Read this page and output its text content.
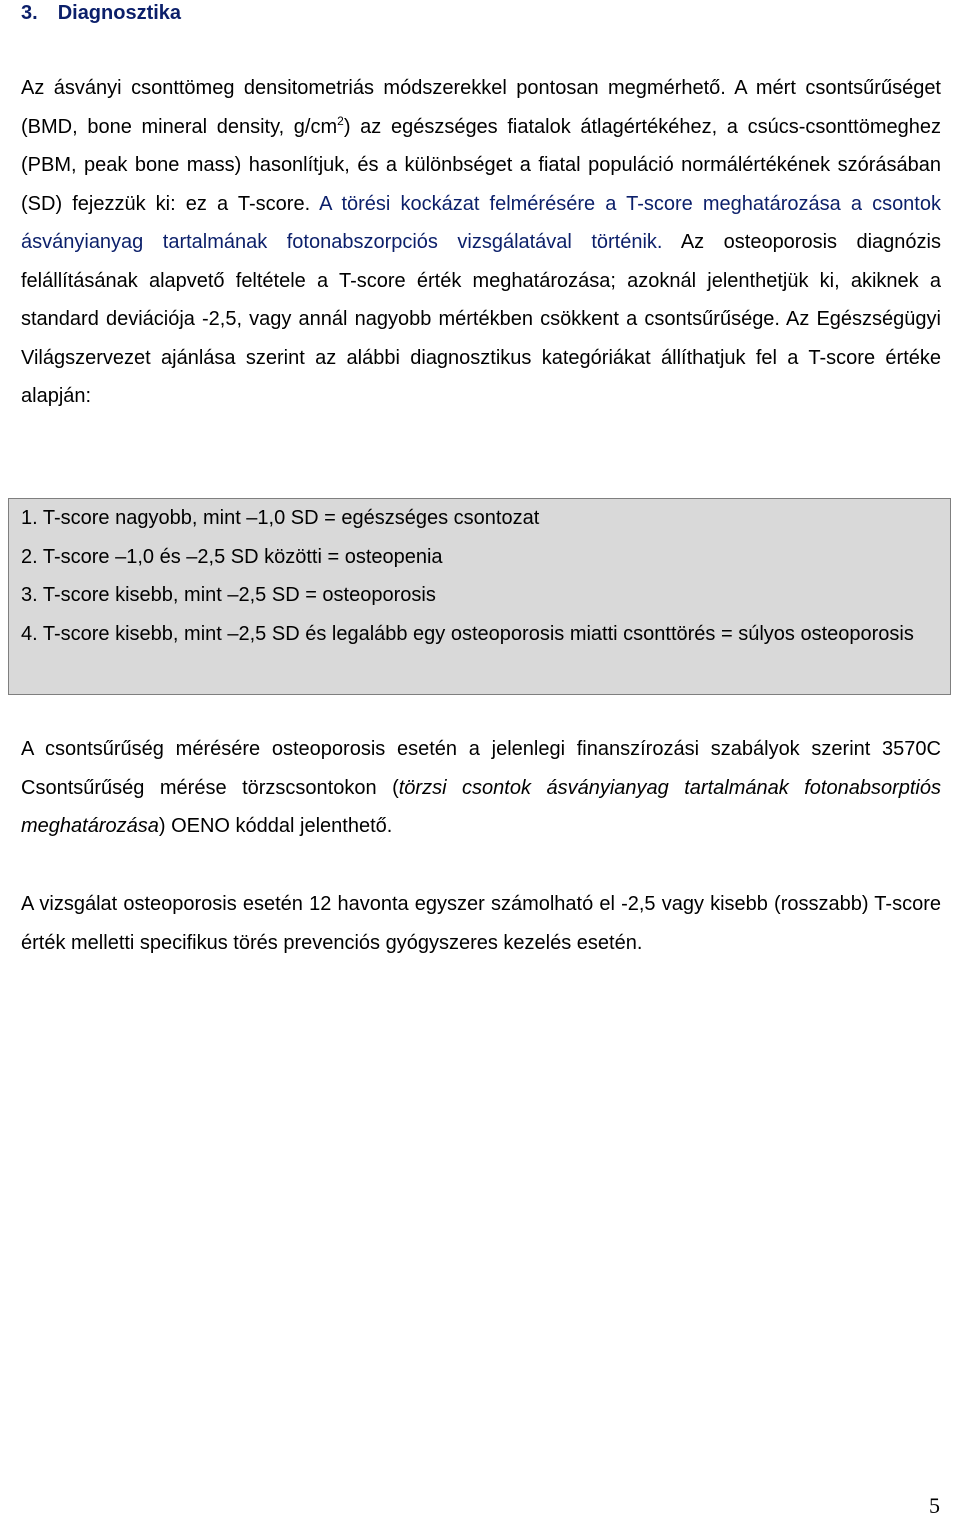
3. Diagnosztika
Az ásványi csonttömeg densitometriás módszerekkel pontosan megmérhető. A mért csontsűrűséget (BMD, bone mineral density, $g/cm^2$) az egészséges fiatalok átlagértékéhez, a csúcs-csonttömeghez (PBM, peak bone mass) hasonlítjuk, és a különbséget a fiatal populáció normálértékének szórásában (SD) fejezzük ki: ez a T-score. A törési kockázat felmérésére a T-score meghatározása a csontok ásványianyag tartalmának fotonabszorpciós vizsgálatával történik. Az osteoporosis diagnózis felállításának alapvető feltétele a T-score érték meghatározása; azoknál jelenthetjük ki, akiknek a standard deviációja -2,5, vagy annál nagyobb mértékben csökkent a csontsűrűsége. Az Egészségügyi Világszervezet ajánlása szerint az alábbi diagnosztikus kategóriákat állíthatjuk fel a T-score értéke alapján:
1. T-score nagyobb, mint –1,0 SD = egészséges csontozat
2. T-score –1,0 és –2,5 SD közötti = osteopenia
3. T-score kisebb, mint –2,5 SD = osteoporosis
4. T-score kisebb, mint –2,5 SD és legalább egy osteoporosis miatti csonttörés = súlyos osteoporosis
A csontsűrűség mérésére osteoporosis esetén a jelenlegi finanszírozási szabályok szerint 3570C Csontsűrűség mérése törzscsontokon (törzsi csontok ásványianyag tartalmának fotonabsorptiós meghatározása) OENO kóddal jelenthető.
A vizsgálat osteoporosis esetén 12 havonta egyszer számolható el -2,5 vagy kisebb (rosszabb) T-score érték melletti specifikus törés prevenciós gyógyszeres kezelés esetén.
5
